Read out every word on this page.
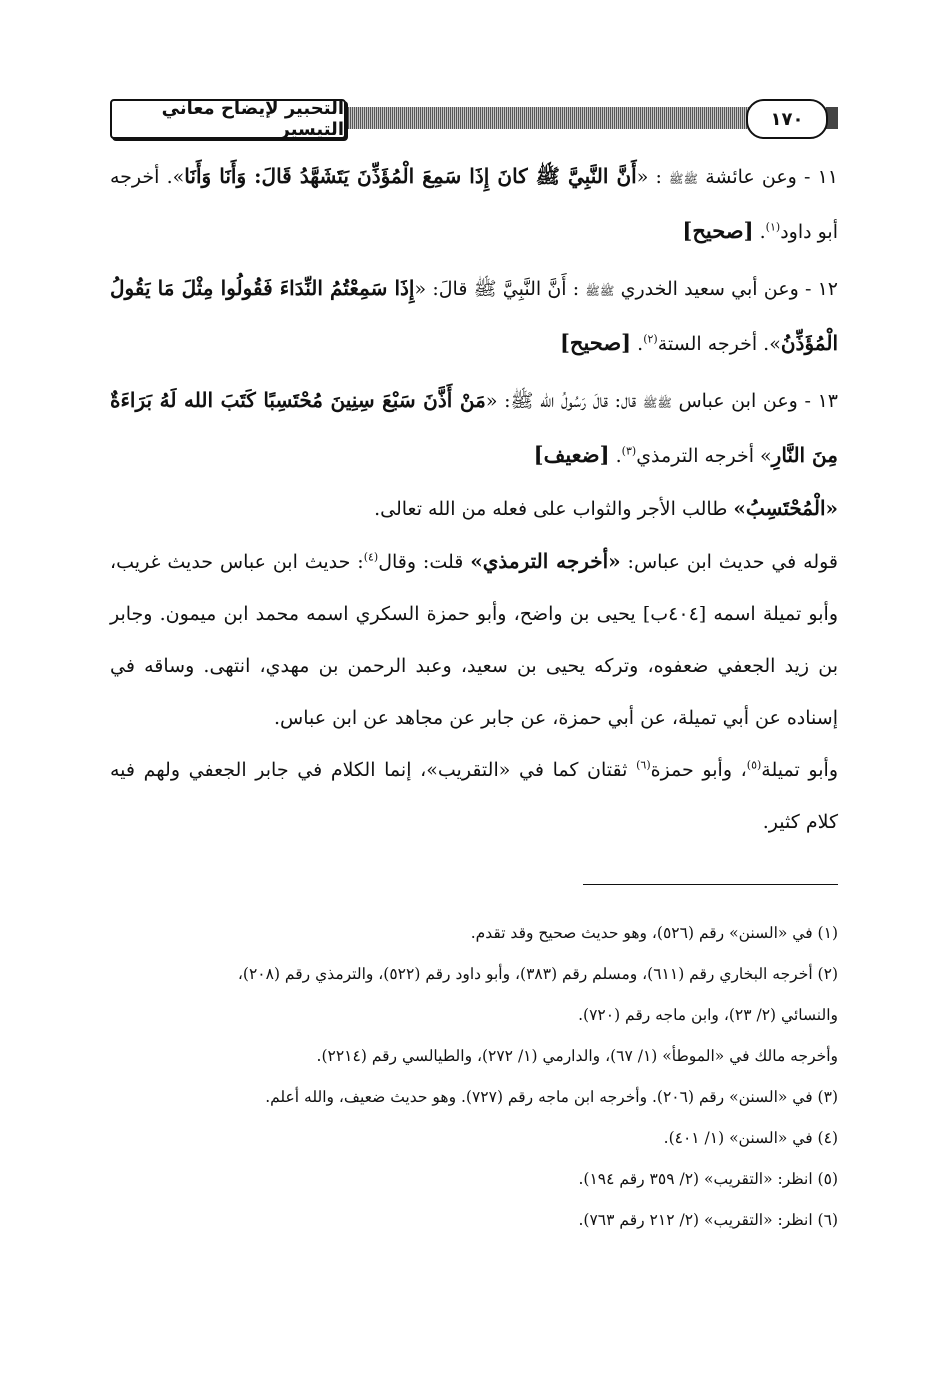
التحبير لإيضاح معاني التيسير	١٧٠

١١ - وعن عائشة ﷺﷺ : «أَنَّ النَّبِيَّ ﷺ كانَ إِذَا سَمِعَ الْمُؤَذِّنَ يَتَشَهَّدُ قَالَ: وَأَنَا وَأَنَا». أخرجه أبو داود$^{(١)}$. [صحيح]

١٢ - وعن أبي سعيد الخدري ﷺﷺ : أَنَّ النَّبِيَّ ﷺ قالَ: «إِذَا سَمِعْتُمُ النِّدَاءَ فَقُولُوا مِثْلَ مَا يَقُولُ الْمُؤَذِّنُ». أخرجه الستة$^{(٢)}$. [صحيح]

١٣ - وعن ابن عباس ﷺﷺ قال: قالَ رَسُولُ الله ﷺ: «مَنْ أَذَّنَ سَبْعَ سِنِينَ مُحْتَسِبًا كَتَبَ الله لَهُ بَرَاءَةٌ مِنَ النَّارِ» أخرجه الترمذي$^{(٣)}$. [ضعيف]

«الْمُحْتَسِبُ» طالب الأجر والثواب على فعله من الله تعالى.

قوله في حديث ابن عباس: «أخرجه الترمذي» قلت: وقال$^{(٤)}$: حديث ابن عباس حديث غريب، وأبو تميلة اسمه [٤٠٤ب] يحيى بن واضح، وأبو حمزة السكري اسمه محمد ابن ميمون. وجابر بن زيد الجعفي ضعفوه، وتركه يحيى بن سعيد، وعبد الرحمن بن مهدي، انتهى. وساقه في إسناده عن أبي تميلة، عن أبي حمزة، عن جابر عن مجاهد عن ابن عباس.

وأبو تميلة$^{(٥)}$، وأبو حمزة$^{(٦)}$ ثقتان كما في «التقريب»، إنما الكلام في جابر الجعفي ولهم فيه كلام كثير.

(١) في «السنن» رقم (٥٢٦)، وهو حديث صحيح وقد تقدم.

(٢) أخرجه البخاري رقم (٦١١)، ومسلم رقم (٣٨٣)، وأبو داود رقم (٥٢٢)، والترمذي رقم (٢٠٨)،

والنسائي (٢/ ٢٣)، وابن ماجه رقم (٧٢٠).

وأخرجه مالك في «الموطأ» (١/ ٦٧)، والدارمي (١/ ٢٧٢)، والطيالسي رقم (٢٢١٤).

(٣) في «السنن» رقم (٢٠٦). وأخرجه ابن ماجه رقم (٧٢٧). وهو حديث ضعيف، والله أعلم.

(٤) في «السنن» (١/ ٤٠١).

(٥) انظر: «التقريب» (٢/ ٣٥٩ رقم ١٩٤).

(٦) انظر: «التقريب» (٢/ ٢١٢ رقم ٧٦٣).
